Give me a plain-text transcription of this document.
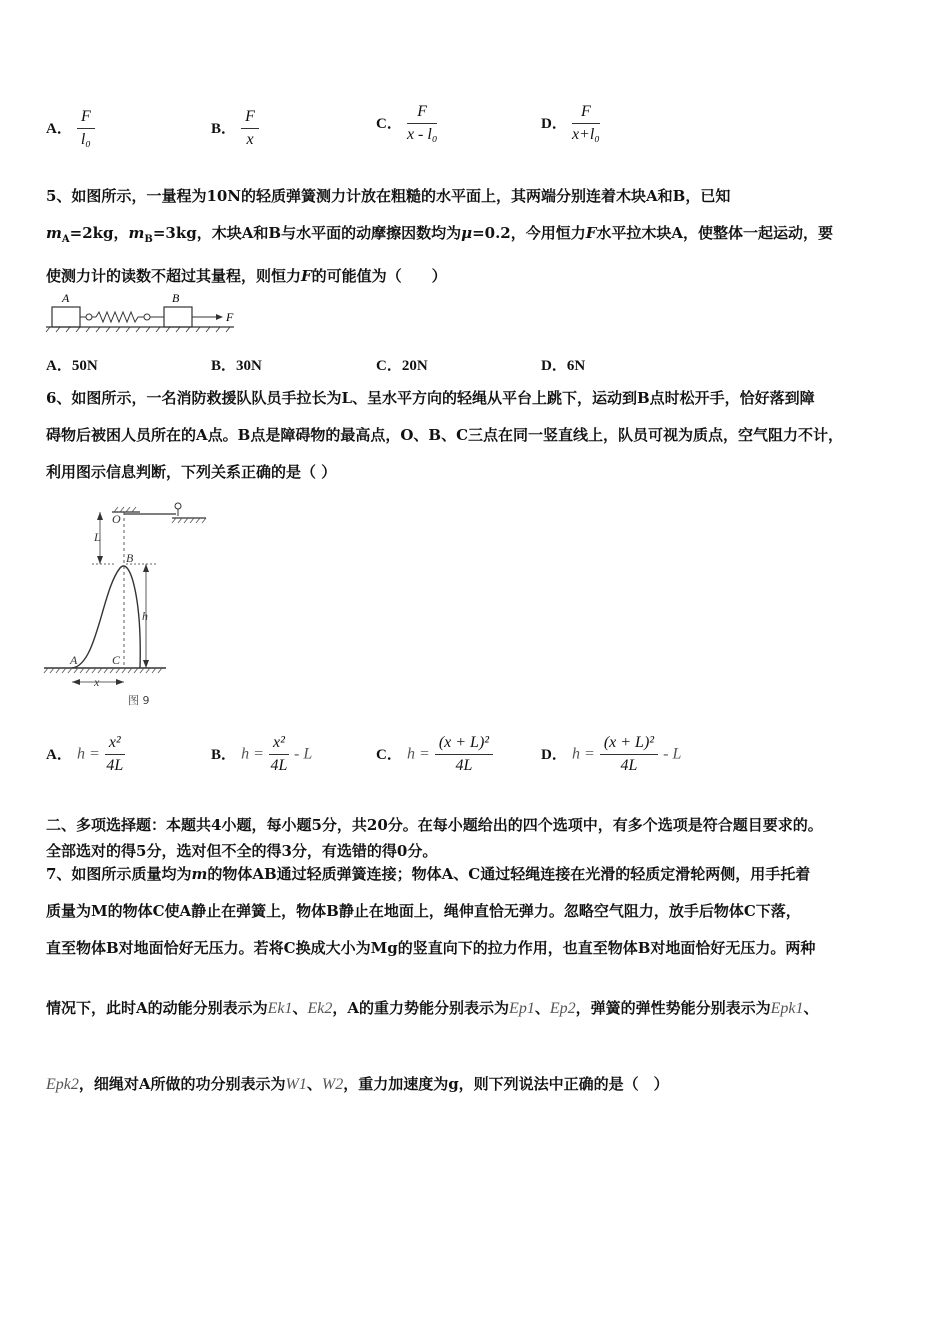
A． $\frac{F}{\text{l₀}}$	B． $\frac{F}{x}$	C． $\frac{F}{\text{x - l₀}}$	D． $\frac{F}{\text{x+l₀}}$
5、如图所示，一量程为10N的轻质弹簧测力计放在粗糙的水平面上，其两端分别连着木块A和B，已知
$m_A=2kg$，$m_B=3kg$，木块A和B与水平面的动摩擦因数均为μ=0.2，今用恒力F水平拉木块A，使整体一起运动，要
使测力计的读数不超过其量程，则恒力F的可能值为（　　）
A	B
F
A．50N	B．30N	C．20N	D．6N
6、如图所示，一名消防救援队队员手拉长为L、呈水平方向的轻绳从平台上跳下，运动到B点时松开手，恰好落到障
碍物后被困人员所在的A点。B点是障碍物的最高点，O、B、C三点在同一竖直线上，队员可视为质点，空气阻力不计，
利用图示信息判断，下列关系正确的是（ ）
O
L
B
h
A	C
x
图 9
A． $h = \frac{\text{x²}}{4L}$	B． $h = \frac{\text{x²}}{4L} - L$	C． $h = \frac{\text{(x + L)²}}{4L}$	D． $h = \frac{\text{(x + L)²}}{4L} - L$
二、多项选择题：本题共4小题，每小题5分，共20分。在每小题给出的四个选项中，有多个选项是符合题目要求的。
全部选对的得5分，选对但不全的得3分，有选错的得0分。
7、如图所示质量均为m的物体AB通过轻质弹簧连接；物体A、C通过轻绳连接在光滑的轻质定滑轮两侧，用手托着
质量为M的物体C使A静止在弹簧上，物体B静止在地面上，绳伸直恰无弹力。忽略空气阻力，放手后物体C下落，
直至物体B对地面恰好无压力。若将C换成大小为Mg的竖直向下的拉力作用，也直至物体B对地面恰好无压力。两种
情况下，此时A的动能分别表示为Ek1、Ek2，A的重力势能分别表示为Ep1、Ep2，弹簧的弹性势能分别表示为Epk1、
Epk2，细绳对A所做的功分别表示为W1、W2，重力加速度为g，则下列说法中正确的是（　）
